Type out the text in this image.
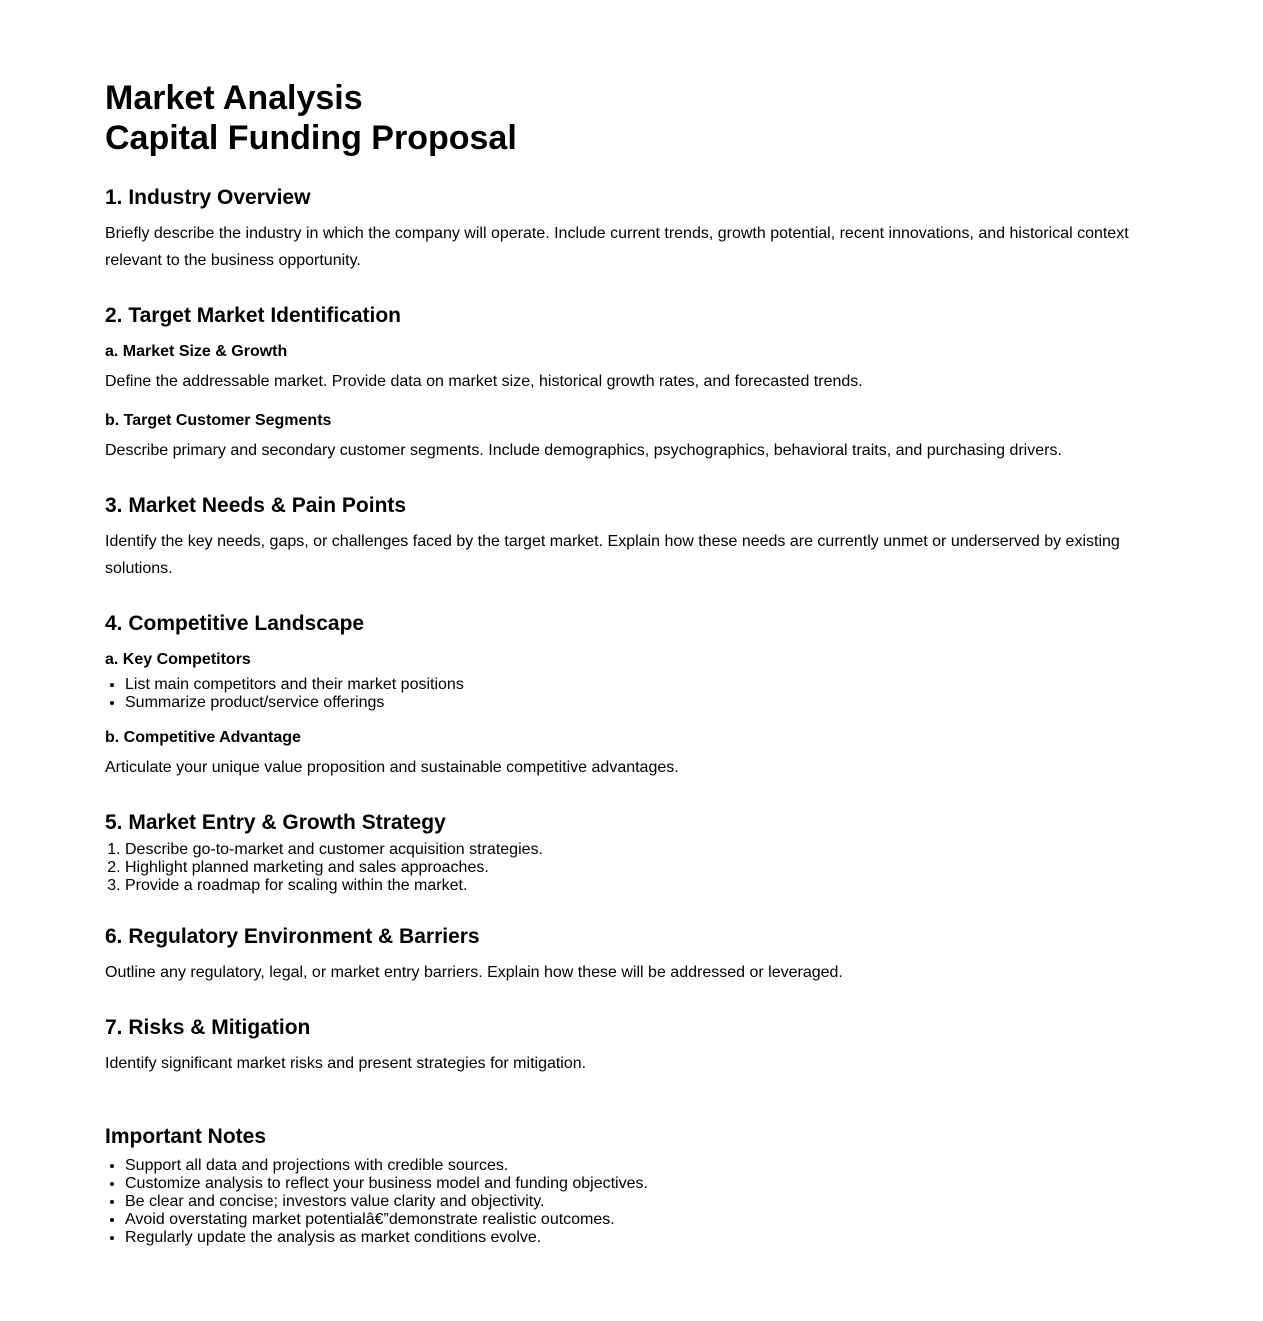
Market Analysis
Capital Funding Proposal
1. Industry Overview

Briefly describe the industry in which the company will operate. Include current trends, growth potential, recent innovations, and historical context relevant to the business opportunity.

2. Target Market Identification
a. Market Size & Growth

Define the addressable market. Provide data on market size, historical growth rates, and forecasted trends.

b. Target Customer Segments

Describe primary and secondary customer segments. Include demographics, psychographics, behavioral traits, and purchasing drivers.

3. Market Needs & Pain Points

Identify the key needs, gaps, or challenges faced by the target market. Explain how these needs are currently unmet or underserved by existing solutions.

4. Competitive Landscape
a. Key Competitors
• List main competitors and their market positions
• Summarize product/service offerings
b. Competitive Advantage

Articulate your unique value proposition and sustainable competitive advantages.

5. Market Entry & Growth Strategy
1. Describe go-to-market and customer acquisition strategies.
2. Highlight planned marketing and sales approaches.
3. Provide a roadmap for scaling within the market.
6. Regulatory Environment & Barriers

Outline any regulatory, legal, or market entry barriers. Explain how these will be addressed or leveraged.

7. Risks & Mitigation

Identify significant market risks and present strategies for mitigation.

Important Notes
• Support all data and projections with credible sources.
• Customize analysis to reflect your business model and funding objectives.
• Be clear and concise; investors value clarity and objectivity.
• Avoid overstating market potentialâ€”demonstrate realistic outcomes.
• Regularly update the analysis as market conditions evolve.
